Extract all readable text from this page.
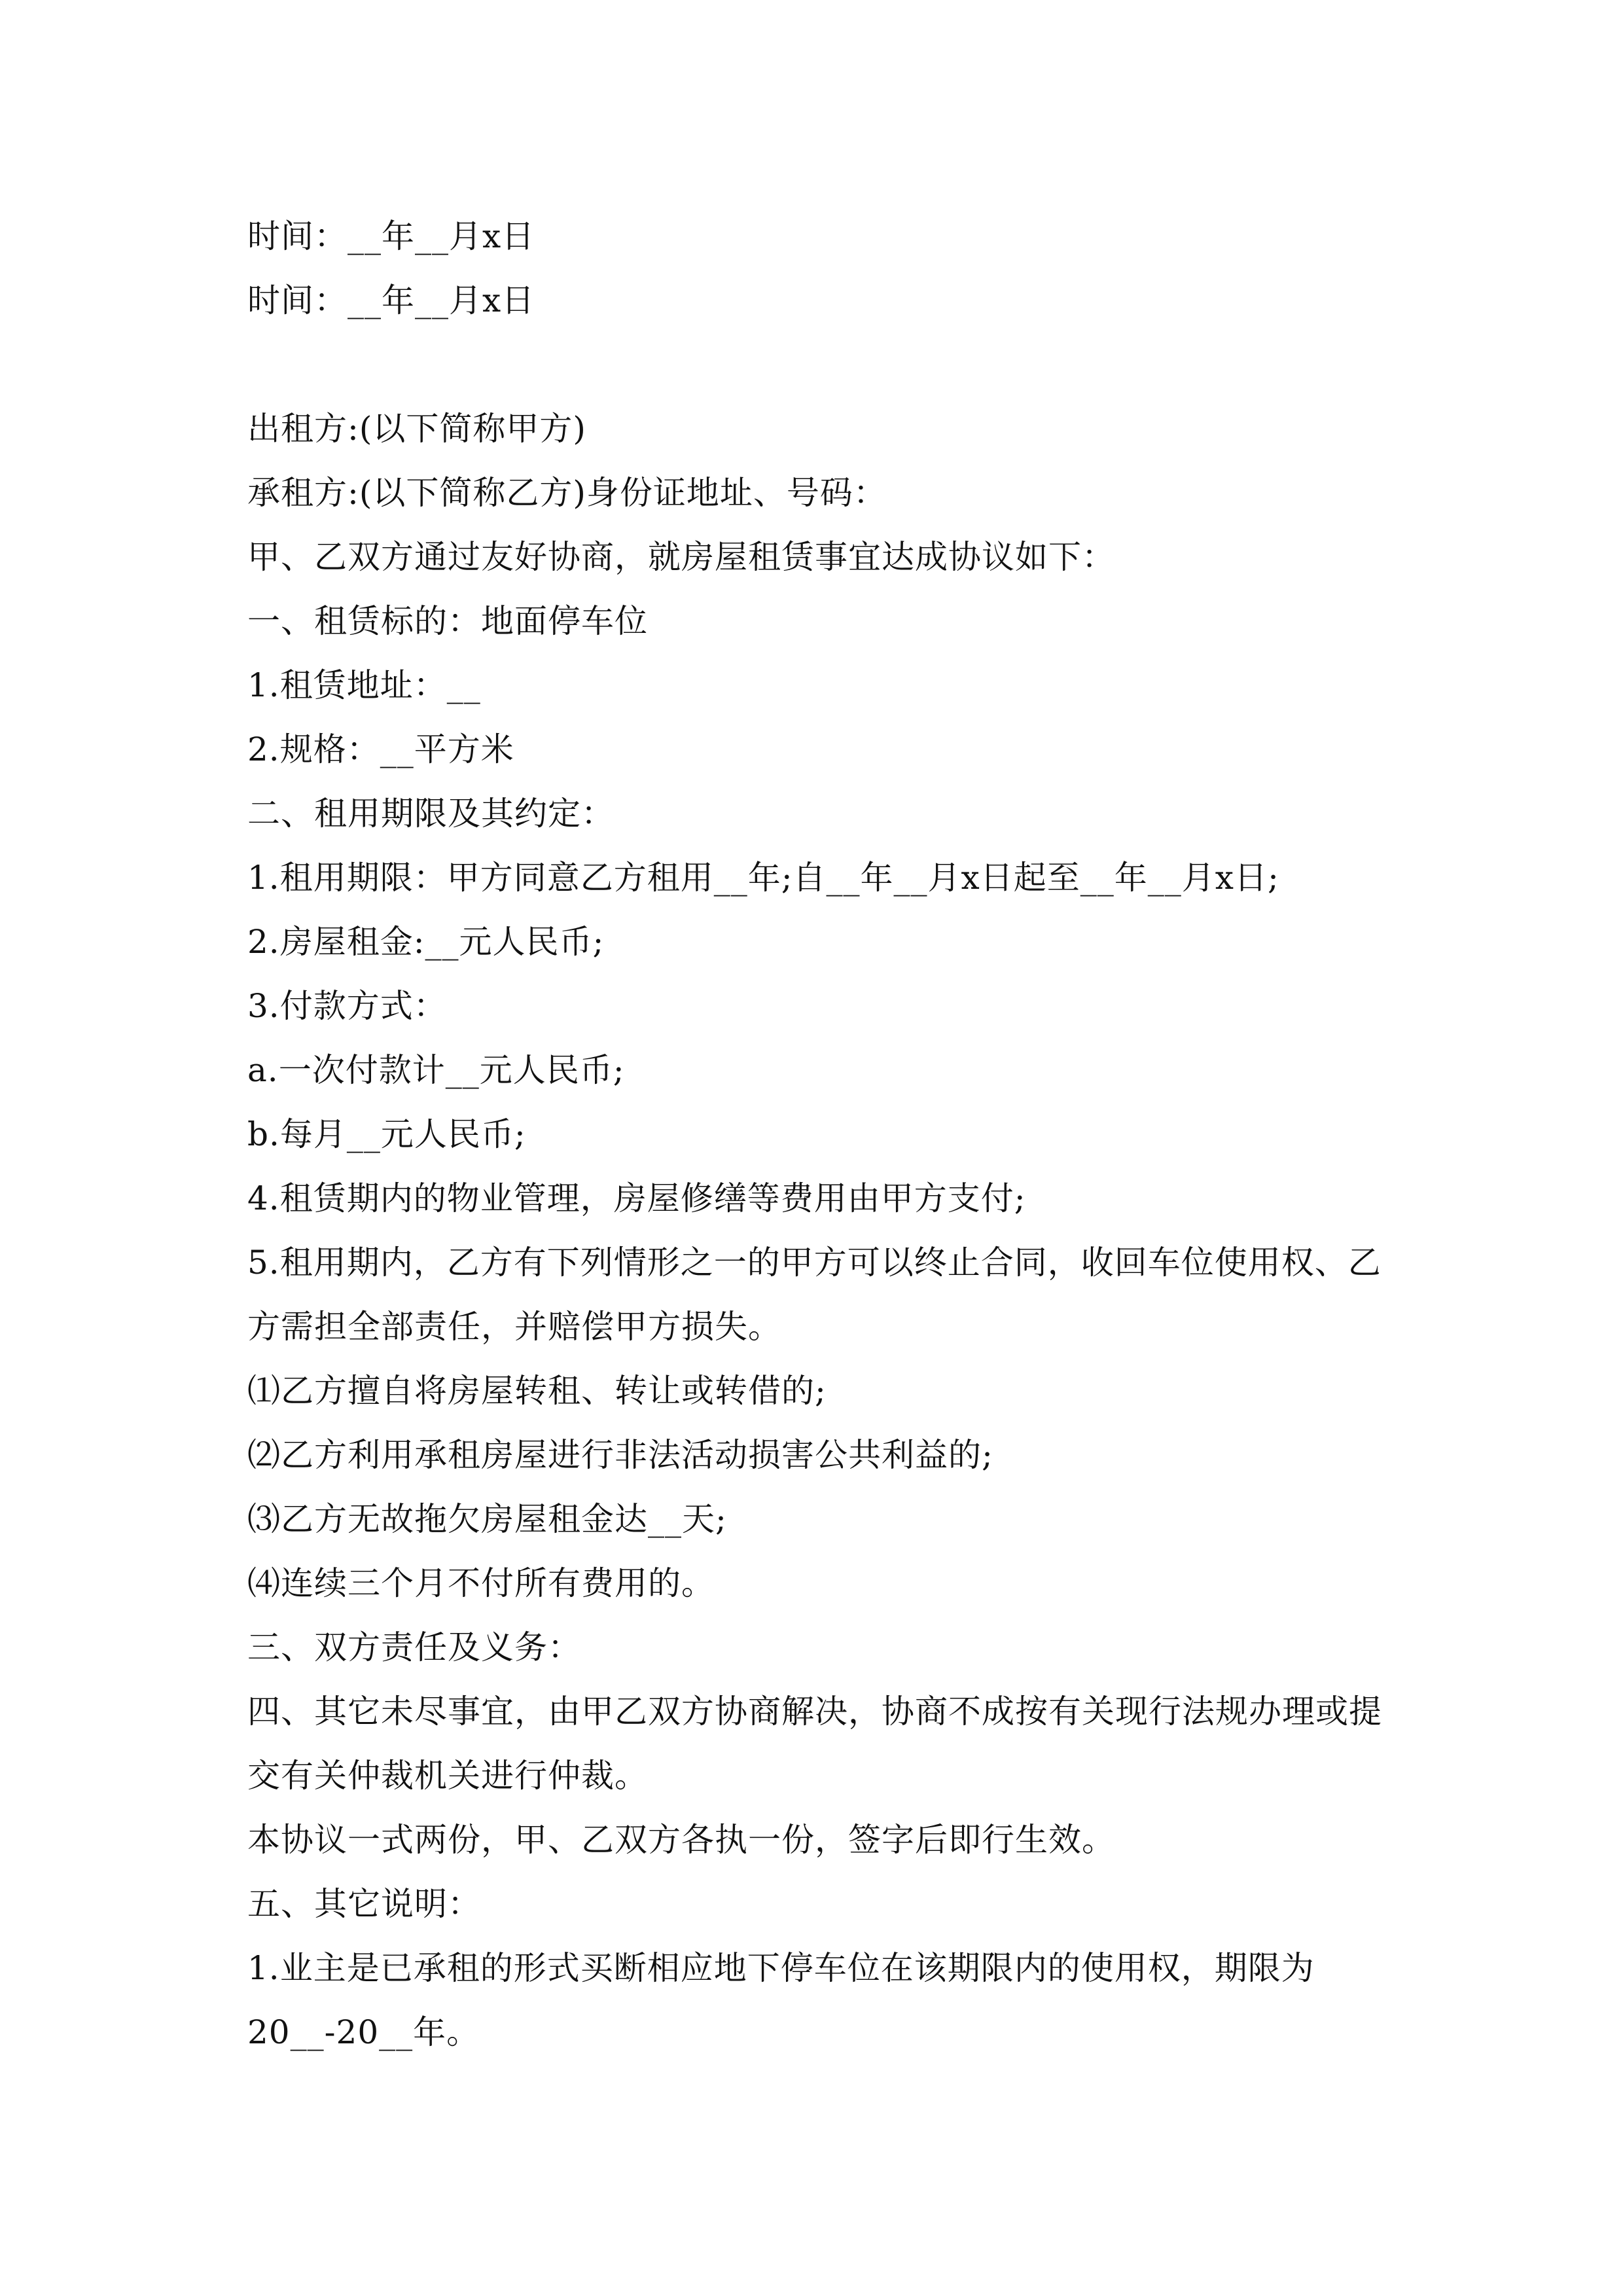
时间：__年__月x日
时间：__年__月x日
出租方:(以下简称甲方)
承租方:(以下简称乙方)身份证地址、号码：
甲、乙双方通过友好协商，就房屋租赁事宜达成协议如下：
一、租赁标的：地面停车位
1.租赁地址：__
2.规格：__平方米
二、租用期限及其约定：
1.租用期限：甲方同意乙方租用__年;自__年__月x日起至__年__月x日;
2.房屋租金:__元人民币;
3.付款方式：
a.一次付款计__元人民币;
b.每月__元人民币;
4.租赁期内的物业管理，房屋修缮等费用由甲方支付;
5.租用期内，乙方有下列情形之一的甲方可以终止合同，收回车位使用权、乙方需担全部责任，并赔偿甲方损失。
⑴乙方擅自将房屋转租、转让或转借的;
⑵乙方利用承租房屋进行非法活动损害公共利益的;
⑶乙方无故拖欠房屋租金达__天;
⑷连续三个月不付所有费用的。
三、双方责任及义务：
四、其它未尽事宜，由甲乙双方协商解决，协商不成按有关现行法规办理或提交有关仲裁机关进行仲裁。
本协议一式两份，甲、乙双方各执一份，签字后即行生效。
五、其它说明：
1.业主是已承租的形式买断相应地下停车位在该期限内的使用权，期限为20__-20__年。
